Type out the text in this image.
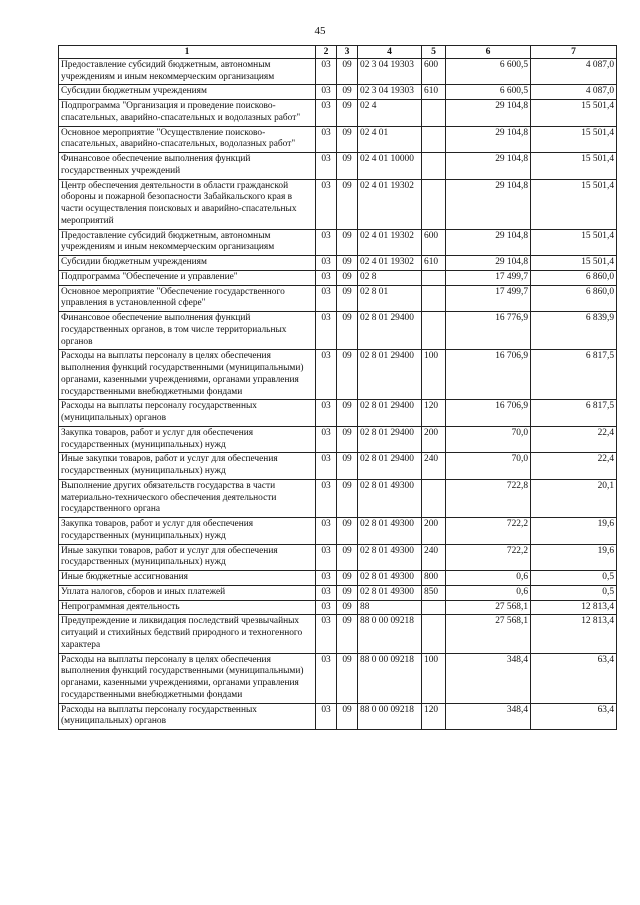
45
1	2	3	4	5	6	7
Предоставление субсидий бюджетным, автономным учреждениям и иным некоммерческим организациям	03	09	02 3 04 19303	600	6 600,5	4 087,0
Субсидии бюджетным учреждениям	03	09	02 3 04 19303	610	6 600,5	4 087,0
Подпрограмма "Организация и проведение поисково-спасательных, аварийно-спасательных и водолазных работ"	03	09	02 4		29 104,8	15 501,4
Основное мероприятие "Осуществление поисково-спасательных, аварийно-спасательных, водолазных работ"	03	09	02 4 01		29 104,8	15 501,4
Финансовое обеспечение выполнения функций государственных учреждений	03	09	02 4 01 10000		29 104,8	15 501,4
Центр обеспечения деятельности в области гражданской обороны и пожарной безопасности Забайкальского края в части осуществления поисковых и аварийно-спасательных мероприятий	03	09	02 4 01 19302		29 104,8	15 501,4
Предоставление субсидий бюджетным, автономным учреждениям и иным некоммерческим организациям	03	09	02 4 01 19302	600	29 104,8	15 501,4
Субсидии бюджетным учреждениям	03	09	02 4 01 19302	610	29 104,8	15 501,4
Подпрограмма "Обеспечение и управление"	03	09	02 8		17 499,7	6 860,0
Основное мероприятие "Обеспечение государственного управления в установленной сфере"	03	09	02 8 01		17 499,7	6 860,0
Финансовое обеспечение выполнения функций государственных органов, в том числе территориальных органов	03	09	02 8 01 29400		16 776,9	6 839,9
Расходы на выплаты персоналу в целях обеспечения выполнения функций государственными (муниципальными) органами, казенными учреждениями, органами управления государственными внебюджетными фондами	03	09	02 8 01 29400	100	16 706,9	6 817,5
Расходы на выплаты персоналу государственных (муниципальных) органов	03	09	02 8 01 29400	120	16 706,9	6 817,5
Закупка товаров, работ и услуг для обеспечения государственных (муниципальных) нужд	03	09	02 8 01 29400	200	70,0	22,4
Иные закупки товаров, работ и услуг для обеспечения государственных (муниципальных) нужд	03	09	02 8 01 29400	240	70,0	22,4
Выполнение других обязательств государства в части материально-технического обеспечения деятельности государственного органа	03	09	02 8 01 49300		722,8	20,1
Закупка товаров, работ и услуг для обеспечения государственных (муниципальных) нужд	03	09	02 8 01 49300	200	722,2	19,6
Иные закупки товаров, работ и услуг для обеспечения государственных (муниципальных) нужд	03	09	02 8 01 49300	240	722,2	19,6
Иные бюджетные ассигнования	03	09	02 8 01 49300	800	0,6	0,5
Уплата налогов, сборов и иных платежей	03	09	02 8 01 49300	850	0,6	0,5
Непрограммная деятельность	03	09	88		27 568,1	12 813,4
Предупреждение и ликвидация последствий чрезвычайных ситуаций и стихийных бедствий природного и техногенного характера	03	09	88 0 00 09218		27 568,1	12 813,4
Расходы на выплаты персоналу в целях обеспечения выполнения функций государственными (муниципальными) органами, казенными учреждениями, органами управления государственными внебюджетными фондами	03	09	88 0 00 09218	100	348,4	63,4
Расходы на выплаты персоналу государственных (муниципальных) органов	03	09	88 0 00 09218	120	348,4	63,4
